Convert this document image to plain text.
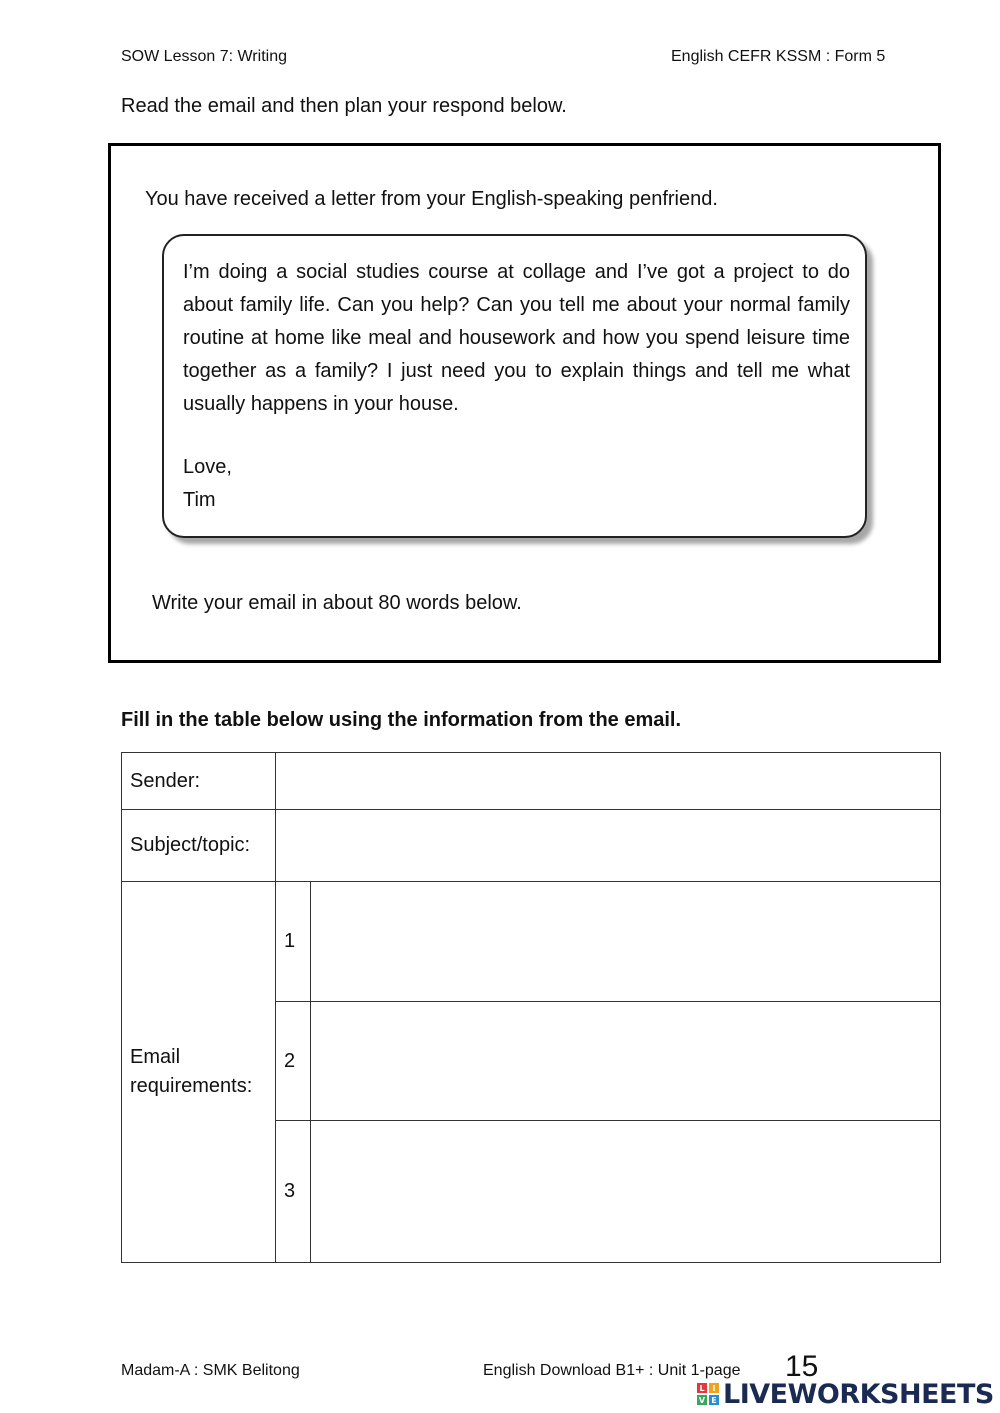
SOW Lesson 7: Writing	English CEFR KSSM : Form 5
Read the email and then plan your respond below.
You have received a letter from your English-speaking penfriend.

I’m doing a social studies course at collage and I’ve got a project to do about family life. Can you help? Can you tell me about your normal family routine at home like meal and housework and how you spend leisure time together as a family? I just need you to explain things and tell me what usually happens in your house.

Love,

Tim

Write your email in about 80 words below.
Fill in the table below using the information from the email.
Sender:		
Subject/topic:		
Email requirements:	1	
	2	
	3	
Madam-A : SMK Belitong	English Download B1+ : Unit 1-page 15
L I
V E LIVEWORKSHEETS
